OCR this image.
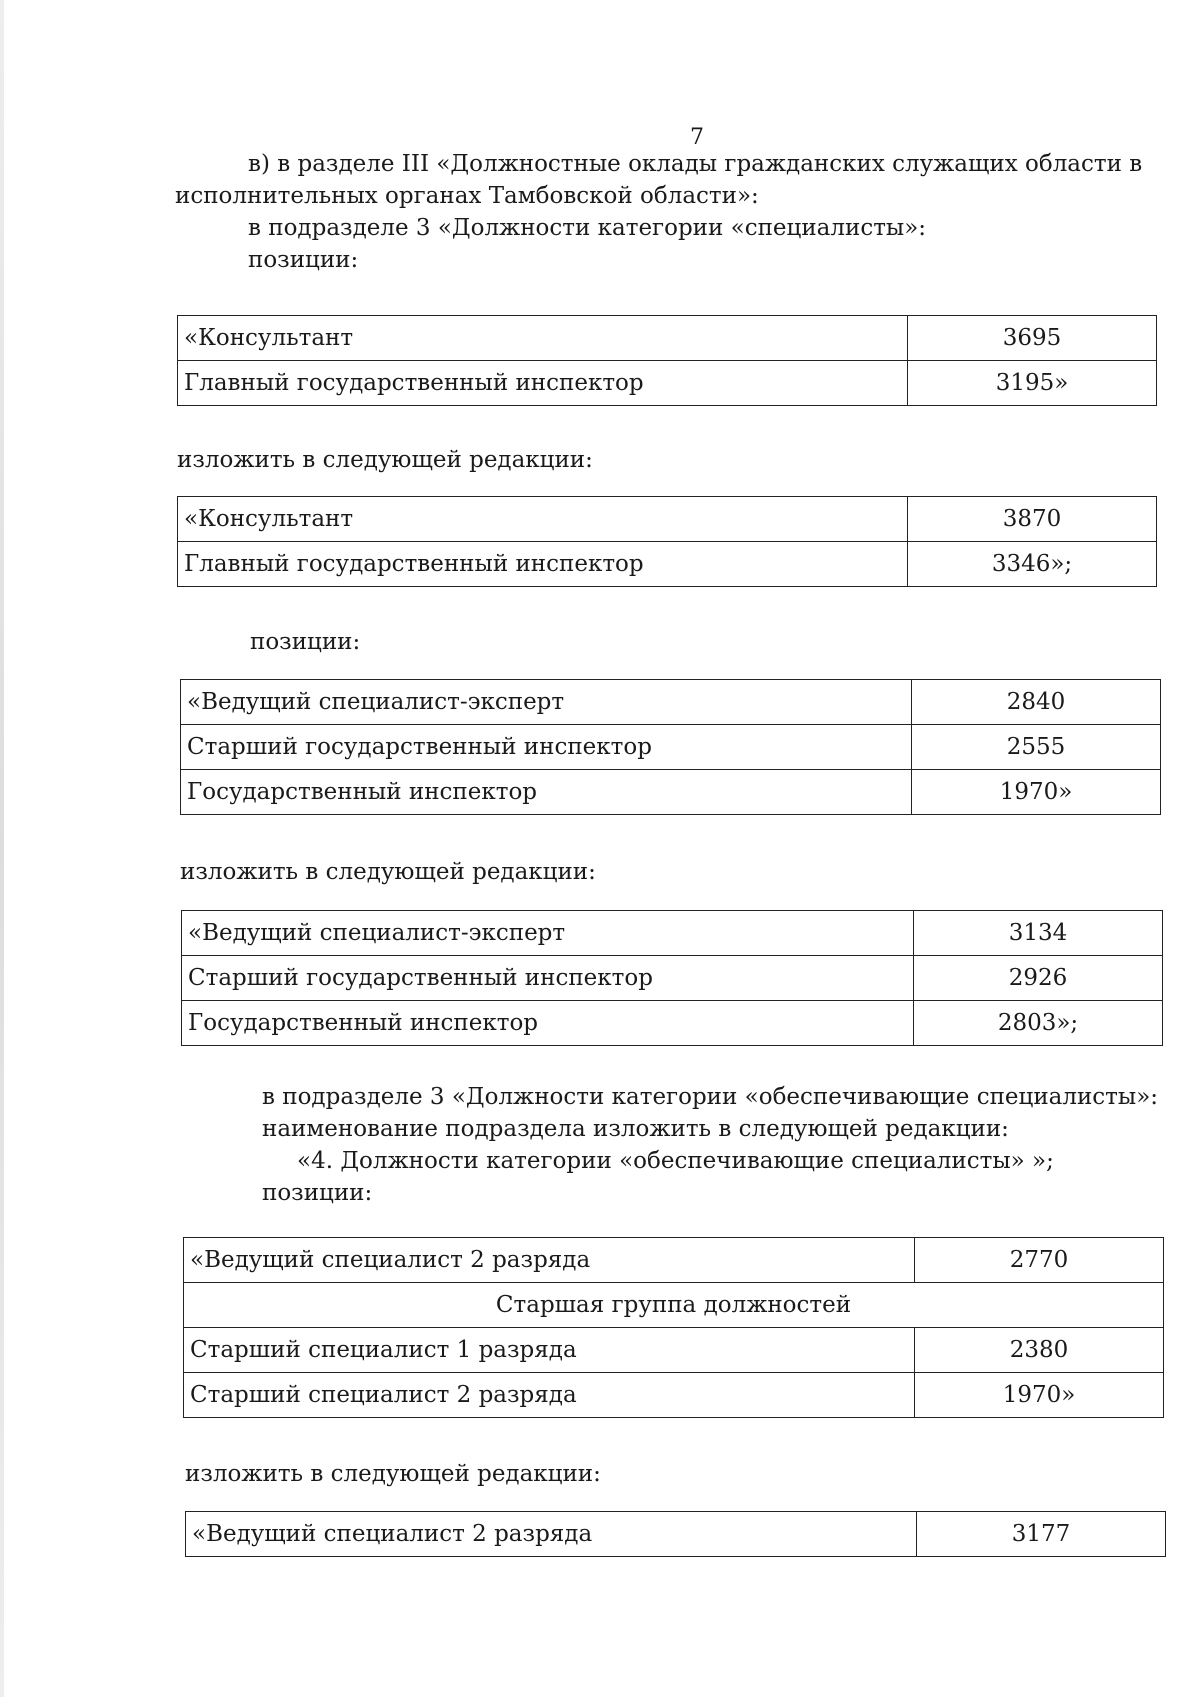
7

в) в разделе III «Должностные оклады гражданских служащих области в

исполнительных органах Тамбовской области»:

в подразделе 3 «Должности категории «специалисты»:

позиции:

«Консультант	3695
Главный государственный инспектор	3195»

изложить в следующей редакции:

«Консультант	3870
Главный государственный инспектор	3346»;

позиции:

«Ведущий специалист-эксперт	2840
Старший государственный инспектор	2555
Государственный инспектор	1970»

изложить в следующей редакции:

«Ведущий специалист-эксперт	3134
Старший государственный инспектор	2926
Государственный инспектор	2803»;

в подразделе 3 «Должности категории «обеспечивающие специалисты»:

наименование подраздела изложить в следующей редакции:

«4. Должности категории «обеспечивающие специалисты» »;

позиции:

«Ведущий специалист 2 разряда	2770
Старшая группа должностей	
Старший специалист 1 разряда	2380
Старший специалист 2 разряда	1970»

изложить в следующей редакции:

«Ведущий специалист 2 разряда	3177
